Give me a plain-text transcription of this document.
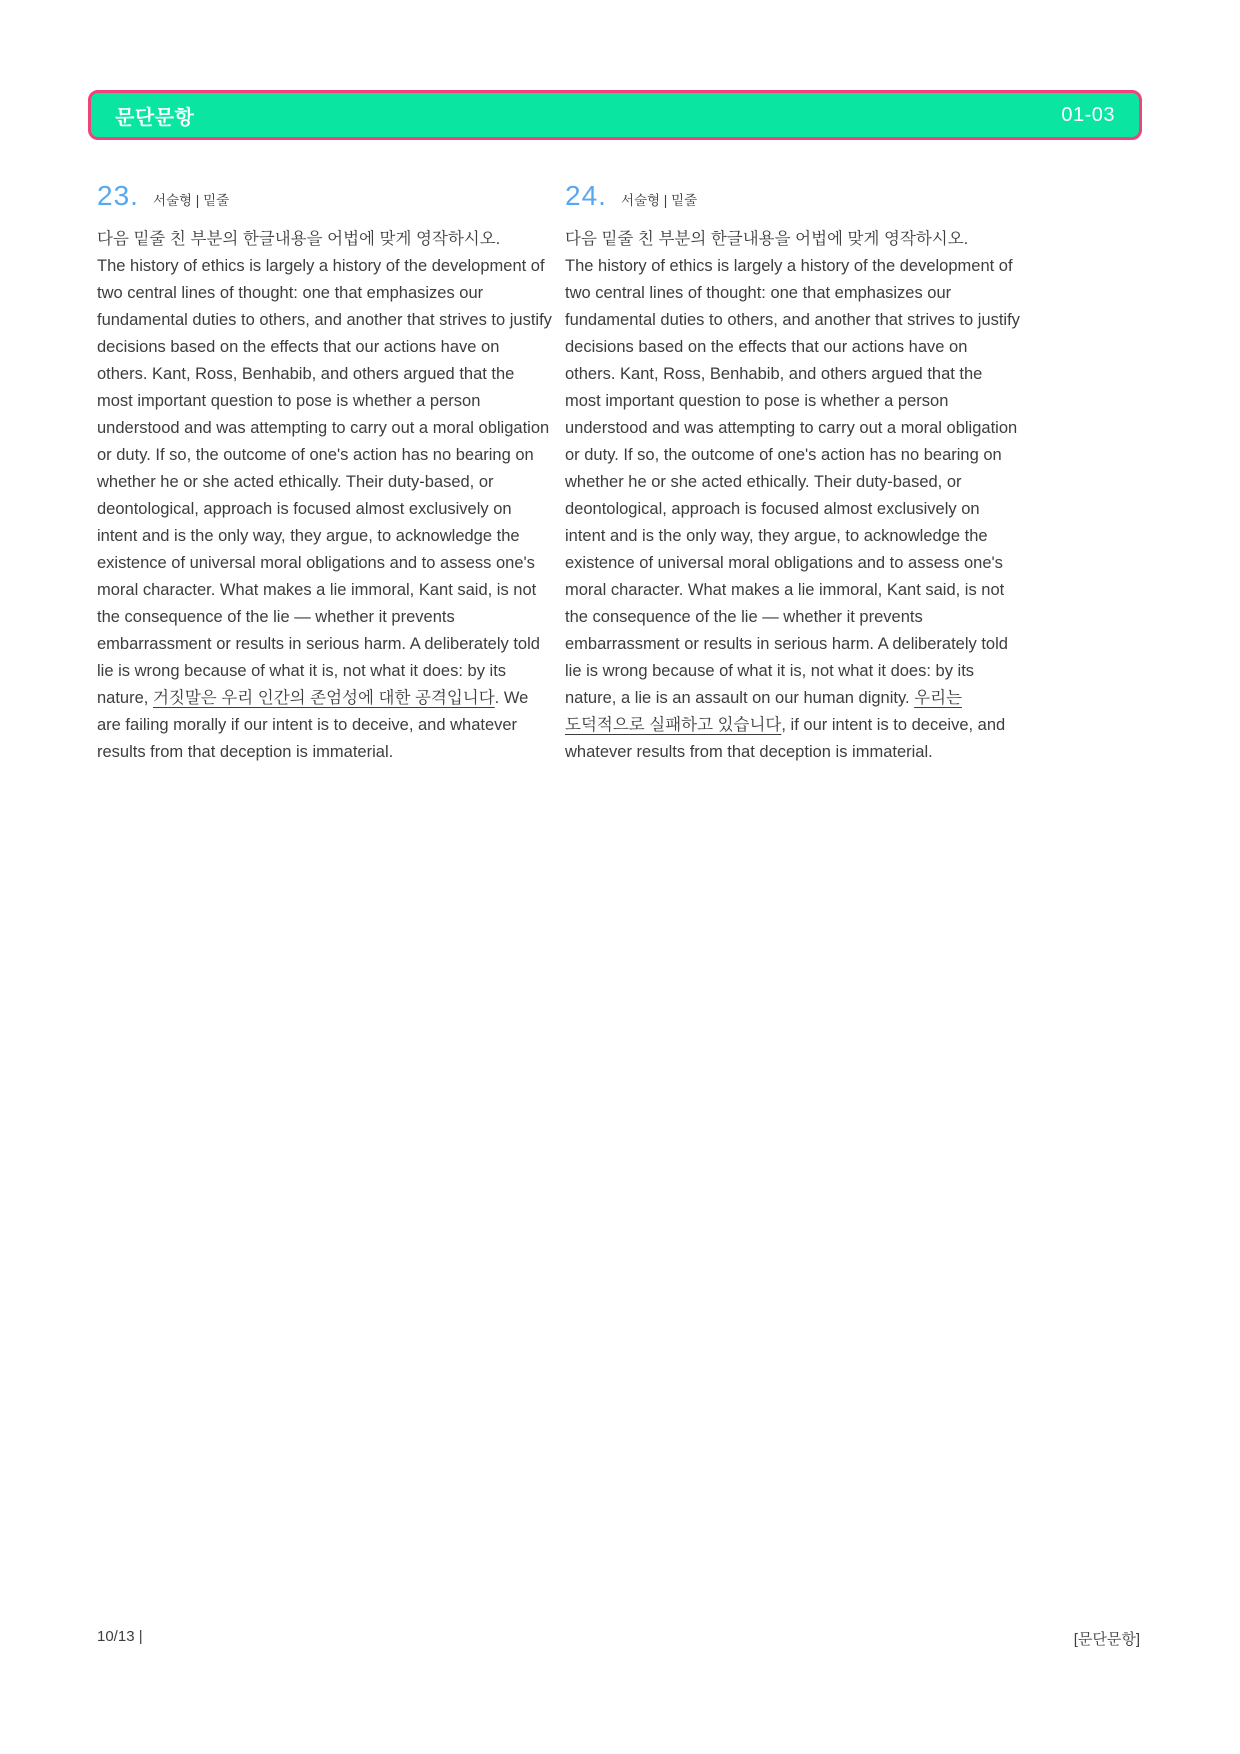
문단문항	01-03
23. 서술형 | 밑줄
다음 밑줄 친 부분의 한글내용을 어법에 맞게 영작하시오.
The history of ethics is largely a history of the development of two central lines of thought: one that emphasizes our fundamental duties to others, and another that strives to justify decisions based on the effects that our actions have on others. Kant, Ross, Benhabib, and others argued that the most important question to pose is whether a person understood and was attempting to carry out a moral obligation or duty. If so, the outcome of one's action has no bearing on whether he or she acted ethically. Their duty-based, or deontological, approach is focused almost exclusively on intent and is the only way, they argue, to acknowledge the existence of universal moral obligations and to assess one's moral character. What makes a lie immoral, Kant said, is not the consequence of the lie — whether it prevents embarrassment or results in serious harm. A deliberately told lie is wrong because of what it is, not what it does: by its nature, 거짓말은 우리 인간의 존엄성에 대한 공격입니다. We are failing morally if our intent is to deceive, and whatever results from that deception is immaterial.
24. 서술형 | 밑줄
다음 밑줄 친 부분의 한글내용을 어법에 맞게 영작하시오.
The history of ethics is largely a history of the development of two central lines of thought: one that emphasizes our fundamental duties to others, and another that strives to justify decisions based on the effects that our actions have on others. Kant, Ross, Benhabib, and others argued that the most important question to pose is whether a person understood and was attempting to carry out a moral obligation or duty. If so, the outcome of one's action has no bearing on whether he or she acted ethically. Their duty-based, or deontological, approach is focused almost exclusively on intent and is the only way, they argue, to acknowledge the existence of universal moral obligations and to assess one's moral character. What makes a lie immoral, Kant said, is not the consequence of the lie — whether it prevents embarrassment or results in serious harm. A deliberately told lie is wrong because of what it is, not what it does: by its nature, a lie is an assault on our human dignity. 우리는 도덕적으로 실패하고 있습니다, if our intent is to deceive, and whatever results from that deception is immaterial.
10/13 |	[문단문항]
